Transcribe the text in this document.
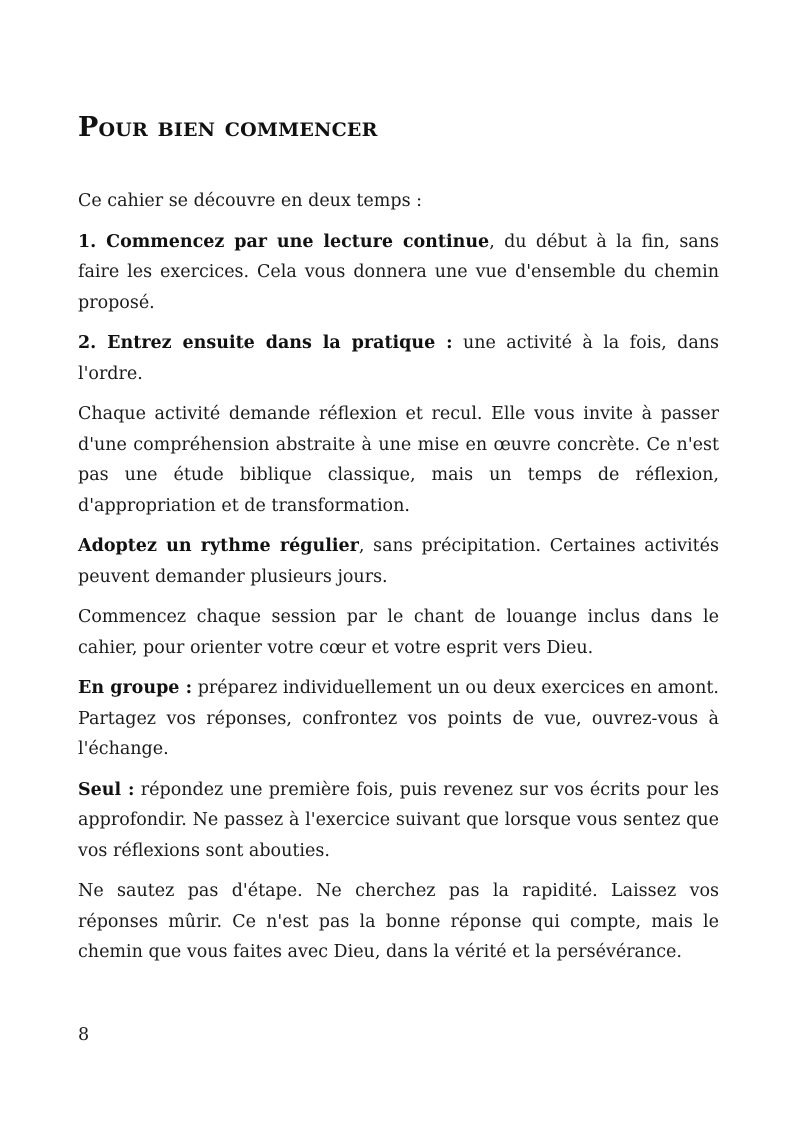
Pour bien commencer

Ce cahier se découvre en deux temps :

1. Commencez par une lecture continue, du début à la fin, sans faire les exercices. Cela vous donnera une vue d'ensemble du chemin proposé.

2. Entrez ensuite dans la pratique : une activité à la fois, dans l'ordre.

Chaque activité demande réflexion et recul. Elle vous invite à passer d'une compréhension abstraite à une mise en œuvre concrète. Ce n'est pas une étude biblique classique, mais un temps de réflexion, d'appropriation et de transformation.

Adoptez un rythme régulier, sans précipitation. Certaines activités peuvent demander plusieurs jours.

Commencez chaque session par le chant de louange inclus dans le cahier, pour orienter votre cœur et votre esprit vers Dieu.

En groupe : préparez individuellement un ou deux exercices en amont. Partagez vos réponses, confrontez vos points de vue, ouvrez-vous à l'échange.

Seul : répondez une première fois, puis revenez sur vos écrits pour les approfondir. Ne passez à l'exercice suivant que lorsque vous sentez que vos réflexions sont abouties.

Ne sautez pas d'étape. Ne cherchez pas la rapidité. Laissez vos réponses mûrir. Ce n'est pas la bonne réponse qui compte, mais le chemin que vous faites avec Dieu, dans la vérité et la persévérance.

8
